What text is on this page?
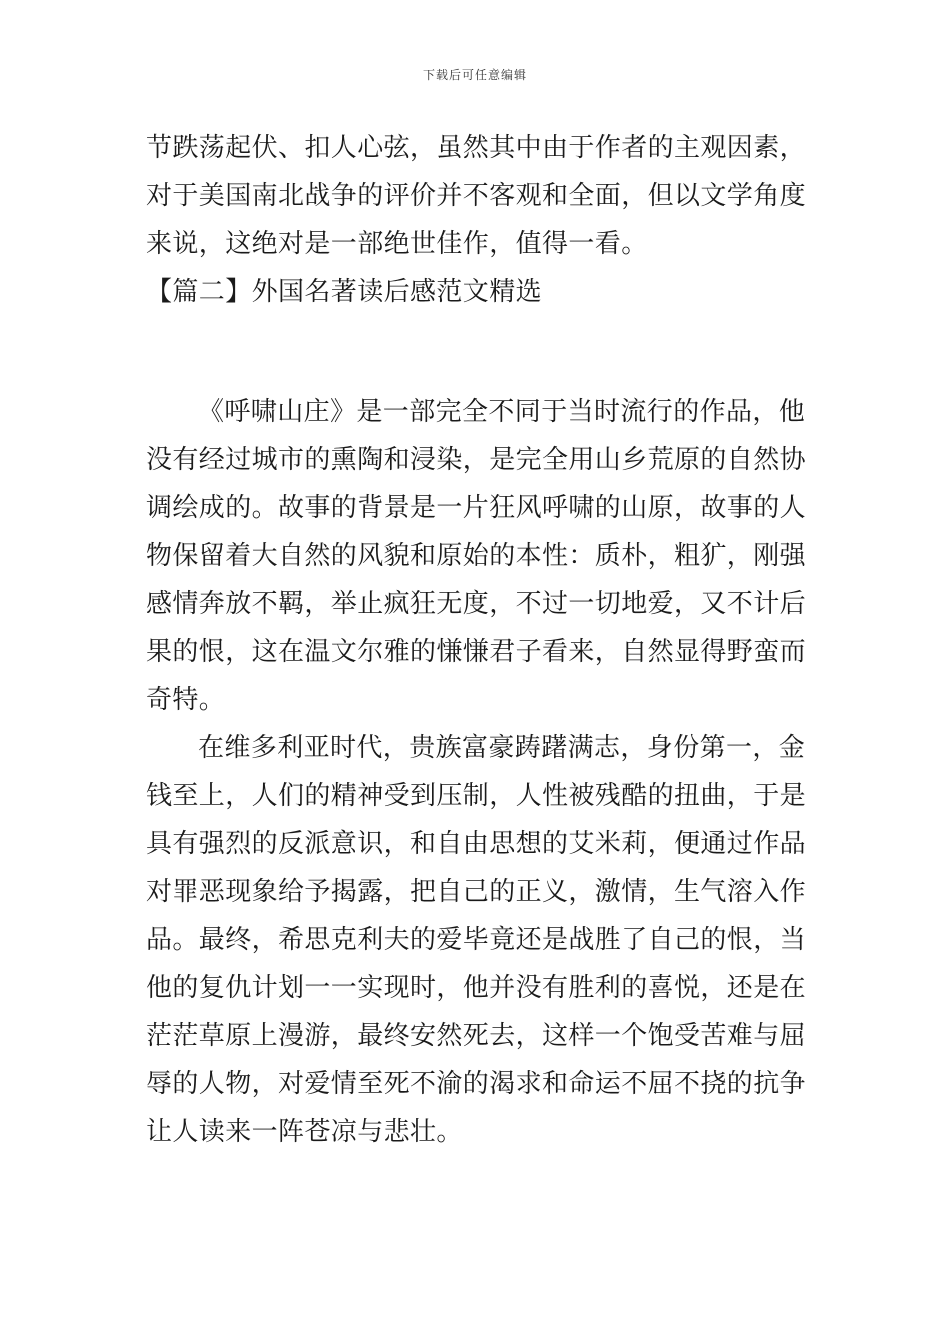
下载后可任意编辑
节跌荡起伏、扣人心弦，虽然其中由于作者的主观因素，
对于美国南北战争的评价并不客观和全面，但以文学角度
来说，这绝对是一部绝世佳作，值得一看。
【篇二】外国名著读后感范文精选
《呼啸山庄》是一部完全不同于当时流行的作品，他
没有经过城市的熏陶和浸染，是完全用山乡荒原的自然协
调绘成的。故事的背景是一片狂风呼啸的山原，故事的人
物保留着大自然的风貌和原始的本性：质朴，粗犷，刚强
感情奔放不羁，举止疯狂无度，不过一切地爱，又不计后
果的恨，这在温文尔雅的慊慊君子看来，自然显得野蛮而
奇特。
在维多利亚时代，贵族富豪踌躇满志，身份第一，金
钱至上，人们的精神受到压制，人性被残酷的扭曲，于是
具有强烈的反派意识，和自由思想的艾米莉，便通过作品
对罪恶现象给予揭露，把自己的正义，激情，生气溶入作
品。最终，希思克利夫的爱毕竟还是战胜了自己的恨，当
他的复仇计划一一实现时，他并没有胜利的喜悦，还是在
茫茫草原上漫游，最终安然死去，这样一个饱受苦难与屈
辱的人物，对爱情至死不渝的渴求和命运不屈不挠的抗争
让人读来一阵苍凉与悲壮。
